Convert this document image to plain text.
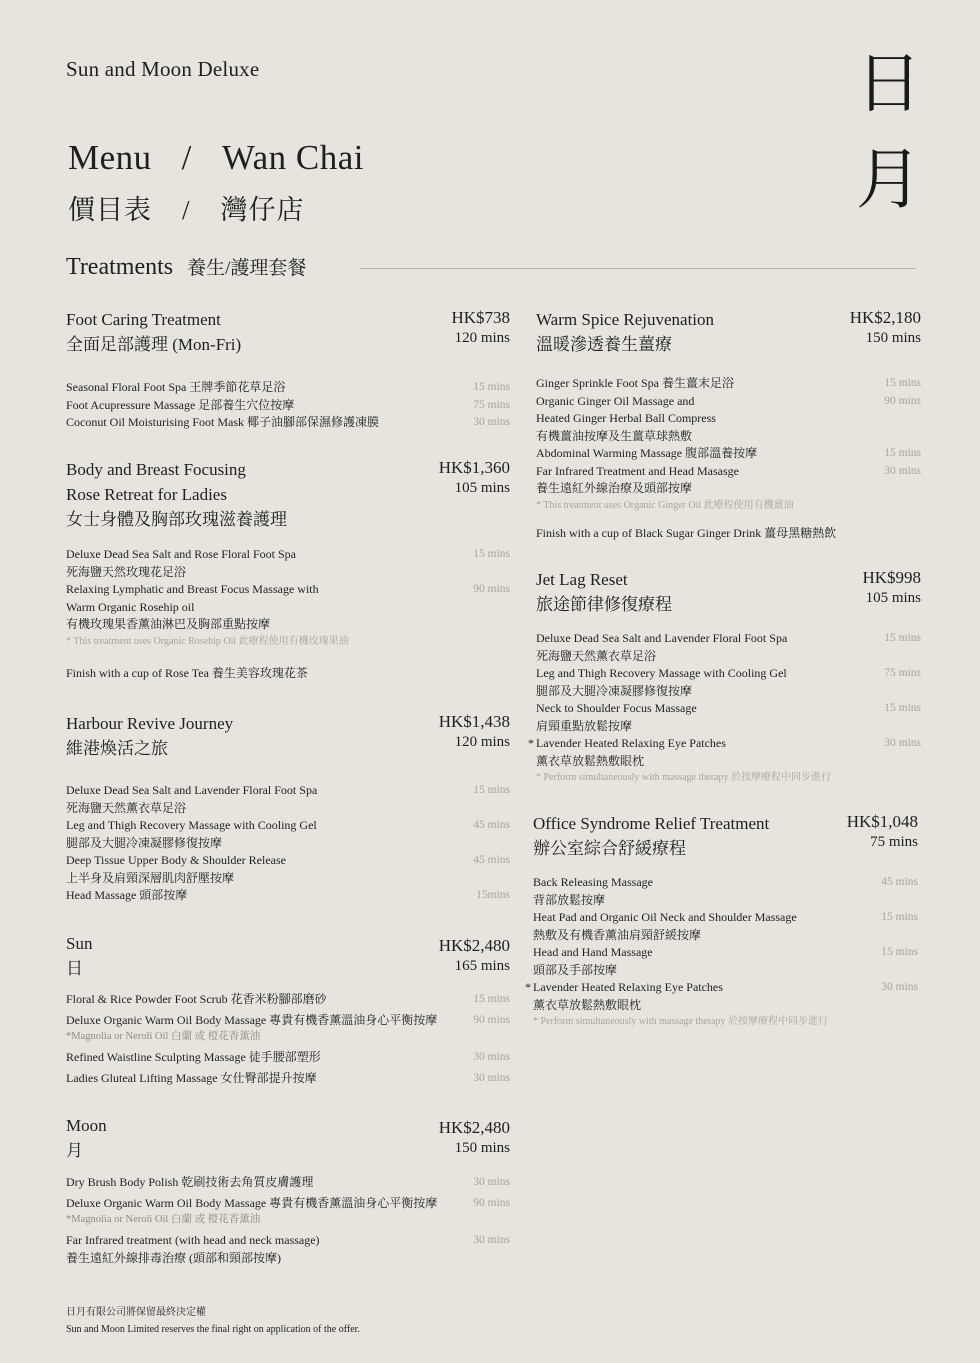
Sun and Moon Deluxe	日
月
Menu / Wan Chai
價目表 / 灣仔店
Treatments 養生/護理套餐
Foot Caring Treatment
全面足部護理 (Mon-Fri)
HK$738
120 mins
Seasonal Floral Foot Spa 王牌季節花草足浴	15 mins
Foot Acupressure Massage 足部養生穴位按摩	75 mins
Coconut Oil Moisturising Foot Mask 椰子油腳部保濕修護凍膜	30 mins
Body and Breast Focusing
Rose Retreat for Ladies
女士身體及胸部玫瑰滋養護理
HK$1,360
105 mins
Deluxe Dead Sea Salt and Rose Floral Foot Spa	15 mins
死海鹽天然玫瑰花足浴
Relaxing Lymphatic and Breast Focus Massage with	90 mins
Warm Organic Rosehip oil
有機玫瑰果香薰油淋巴及胸部重點按摩
* This treatment uses Organic Rosehip Oil 此療程使用有機玫瑰果油
Finish with a cup of Rose Tea 養生美容玫瑰花茶
Harbour Revive Journey
維港煥活之旅
HK$1,438
120 mins
Deluxe Dead Sea Salt and Lavender Floral Foot Spa	15 mins
死海鹽天然薰衣草足浴
Leg and Thigh Recovery Massage with Cooling Gel	45 mins
腿部及大腿冷凍凝膠修復按摩
Deep Tissue Upper Body & Shoulder Release	45 mins
上半身及肩頸深層肌肉舒壓按摩
Head Massage 頭部按摩	15mins
Sun
日
HK$2,480
165 mins
Floral & Rice Powder Foot Scrub 花香米粉腳部磨砂	15 mins
Deluxe Organic Warm Oil Body Massage 專貴有機香薰溫油身心平衡按摩	90 mins
*Magnolia or Neroli Oil 白蘭 或 橙花香薰油
Refined Waistline Sculpting Massage 徒手腰部塑形	30 mins
Ladies Gluteal Lifting Massage 女仕臀部提升按摩	30 mins
Moon
月
HK$2,480
150 mins
Dry Brush Body Polish 乾刷技術去角質皮膚護理	30 mins
Deluxe Organic Warm Oil Body Massage 專貴有機香薰溫油身心平衡按摩	90 mins
*Magnolia or Neroli Oil 白蘭 或 橙花香薰油
Far Infrared treatment (with head and neck massage)	30 mins
養生遠紅外線排毒治療 (頭部和頸部按摩)
Warm Spice Rejuvenation
溫暖滲透養生薑療
HK$2,180
150 mins
Ginger Sprinkle Foot Spa 養生薑末足浴	15 mins
Organic Ginger Oil Massage and	90 mins
Heated Ginger Herbal Ball Compress
有機薑油按摩及生薑草球熱敷
Abdominal Warming Massage 腹部溫養按摩	15 mins
Far Infrared Treatment and Head Masasge	30 mins
養生遠紅外線治療及頭部按摩
* This treatment uses Organic Ginger Oil 此療程使用有機薑油
Finish with a cup of Black Sugar Ginger Drink 薑母黑糖熱飲
Jet Lag Reset
旅途節律修復療程
HK$998
105 mins
Deluxe Dead Sea Salt and Lavender Floral Foot Spa	15 mins
死海鹽天然薰衣草足浴
Leg and Thigh Recovery Massage with Cooling Gel	75 mins
腿部及大腿冷凍凝膠修復按摩
Neck to Shoulder Focus Massage	15 mins
肩頸重點放鬆按摩
* Lavender Heated Relaxing Eye Patches	30 mins
薰衣草放鬆熱敷眼枕
* Perform simultaneously with massage therapy 於按摩療程中同步進行
Office Syndrome Relief Treatment
辦公室綜合舒緩療程
HK$1,048
75 mins
Back Releasing Massage	45 mins
背部放鬆按摩
Heat Pad and Organic Oil Neck and Shoulder Massage	15 mins
熱敷及有機香薰油肩頸舒緩按摩
Head and Hand Massage	15 mins
頭部及手部按摩
* Lavender Heated Relaxing Eye Patches	30 mins
薰衣草放鬆熱敷眼枕
* Perform simultaneously with massage therapy 於按摩療程中同步進行
日月有限公司將保留最終決定權
Sun and Moon Limited reserves the final right on application of the offer.
